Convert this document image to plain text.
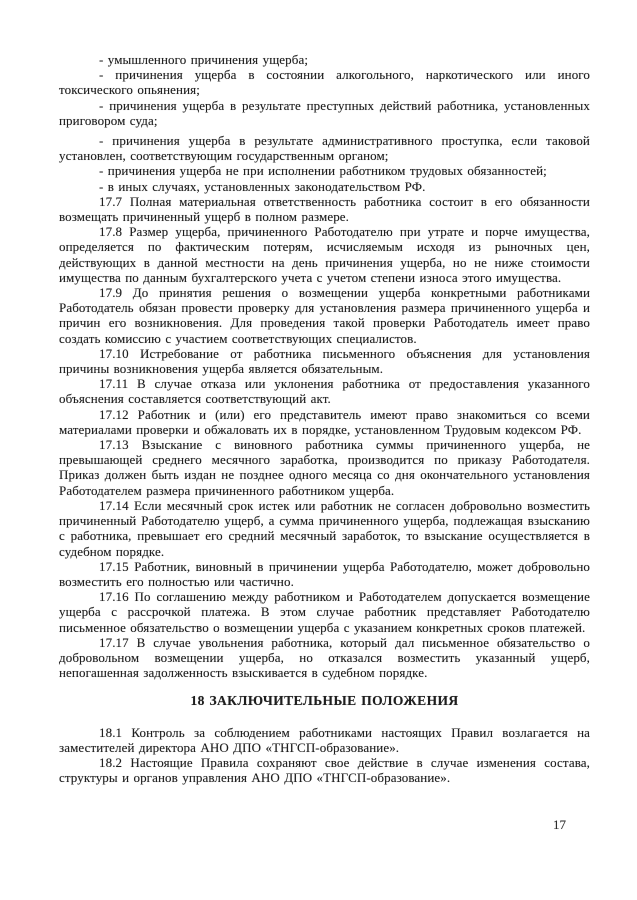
- умышленного причинения ущерба;

- причинения ущерба в состоянии алкогольного, наркотического или иного токсического опьянения;

- причинения ущерба в результате преступных действий работника, установленных приговором суда;

- причинения ущерба в результате административного проступка, если таковой установлен, соответствующим государственным органом;

- причинения ущерба не при исполнении работником трудовых обязанностей;

- в иных случаях, установленных законодательством РФ.

17.7 Полная материальная ответственность работника состоит в его обязанности возмещать причиненный ущерб в полном размере.

17.8 Размер ущерба, причиненного Работодателю при утрате и порче имущества, определяется по фактическим потерям, исчисляемым исходя из рыночных цен, действующих в данной местности на день причинения ущерба, но не ниже стоимости имущества по данным бухгалтерского учета с учетом степени износа этого имущества.

17.9 До принятия решения о возмещении ущерба конкретными работниками Работодатель обязан провести проверку для установления размера причиненного ущерба и причин его возникновения. Для проведения такой проверки Работодатель имеет право создать комиссию с участием соответствующих специалистов.

17.10 Истребование от работника письменного объяснения для установления причины возникновения ущерба является обязательным.

17.11 В случае отказа или уклонения работника от предоставления указанного объяснения составляется соответствующий акт.

17.12 Работник и (или) его представитель имеют право знакомиться со всеми материалами проверки и обжаловать их в порядке, установленном Трудовым кодексом РФ.

17.13 Взыскание с виновного работника суммы причиненного ущерба, не превышающей среднего месячного заработка, производится по приказу Работодателя. Приказ должен быть издан не позднее одного месяца со дня окончательного установления Работодателем размера причиненного работником ущерба.

17.14 Если месячный срок истек или работник не согласен добровольно возместить причиненный Работодателю ущерб, а сумма причиненного ущерба, подлежащая взысканию с работника, превышает его средний месячный заработок, то взыскание осуществляется в судебном порядке.

17.15 Работник, виновный в причинении ущерба Работодателю, может добровольно возместить его полностью или частично.

17.16 По соглашению между работником и Работодателем допускается возмещение ущерба с рассрочкой платежа. В этом случае работник представляет Работодателю письменное обязательство о возмещении ущерба с указанием конкретных сроков платежей.

17.17 В случае увольнения работника, который дал письменное обязательство о добровольном возмещении ущерба, но отказался возместить указанный ущерб, непогашенная задолженность взыскивается в судебном порядке.

18 ЗАКЛЮЧИТЕЛЬНЫЕ ПОЛОЖЕНИЯ

18.1 Контроль за соблюдением работниками настоящих Правил возлагается на заместителей директора АНО ДПО «ТНГСП-образование».

18.2 Настоящие Правила сохраняют свое действие в случае изменения состава, структуры и органов управления АНО ДПО «ТНГСП-образование».

17
